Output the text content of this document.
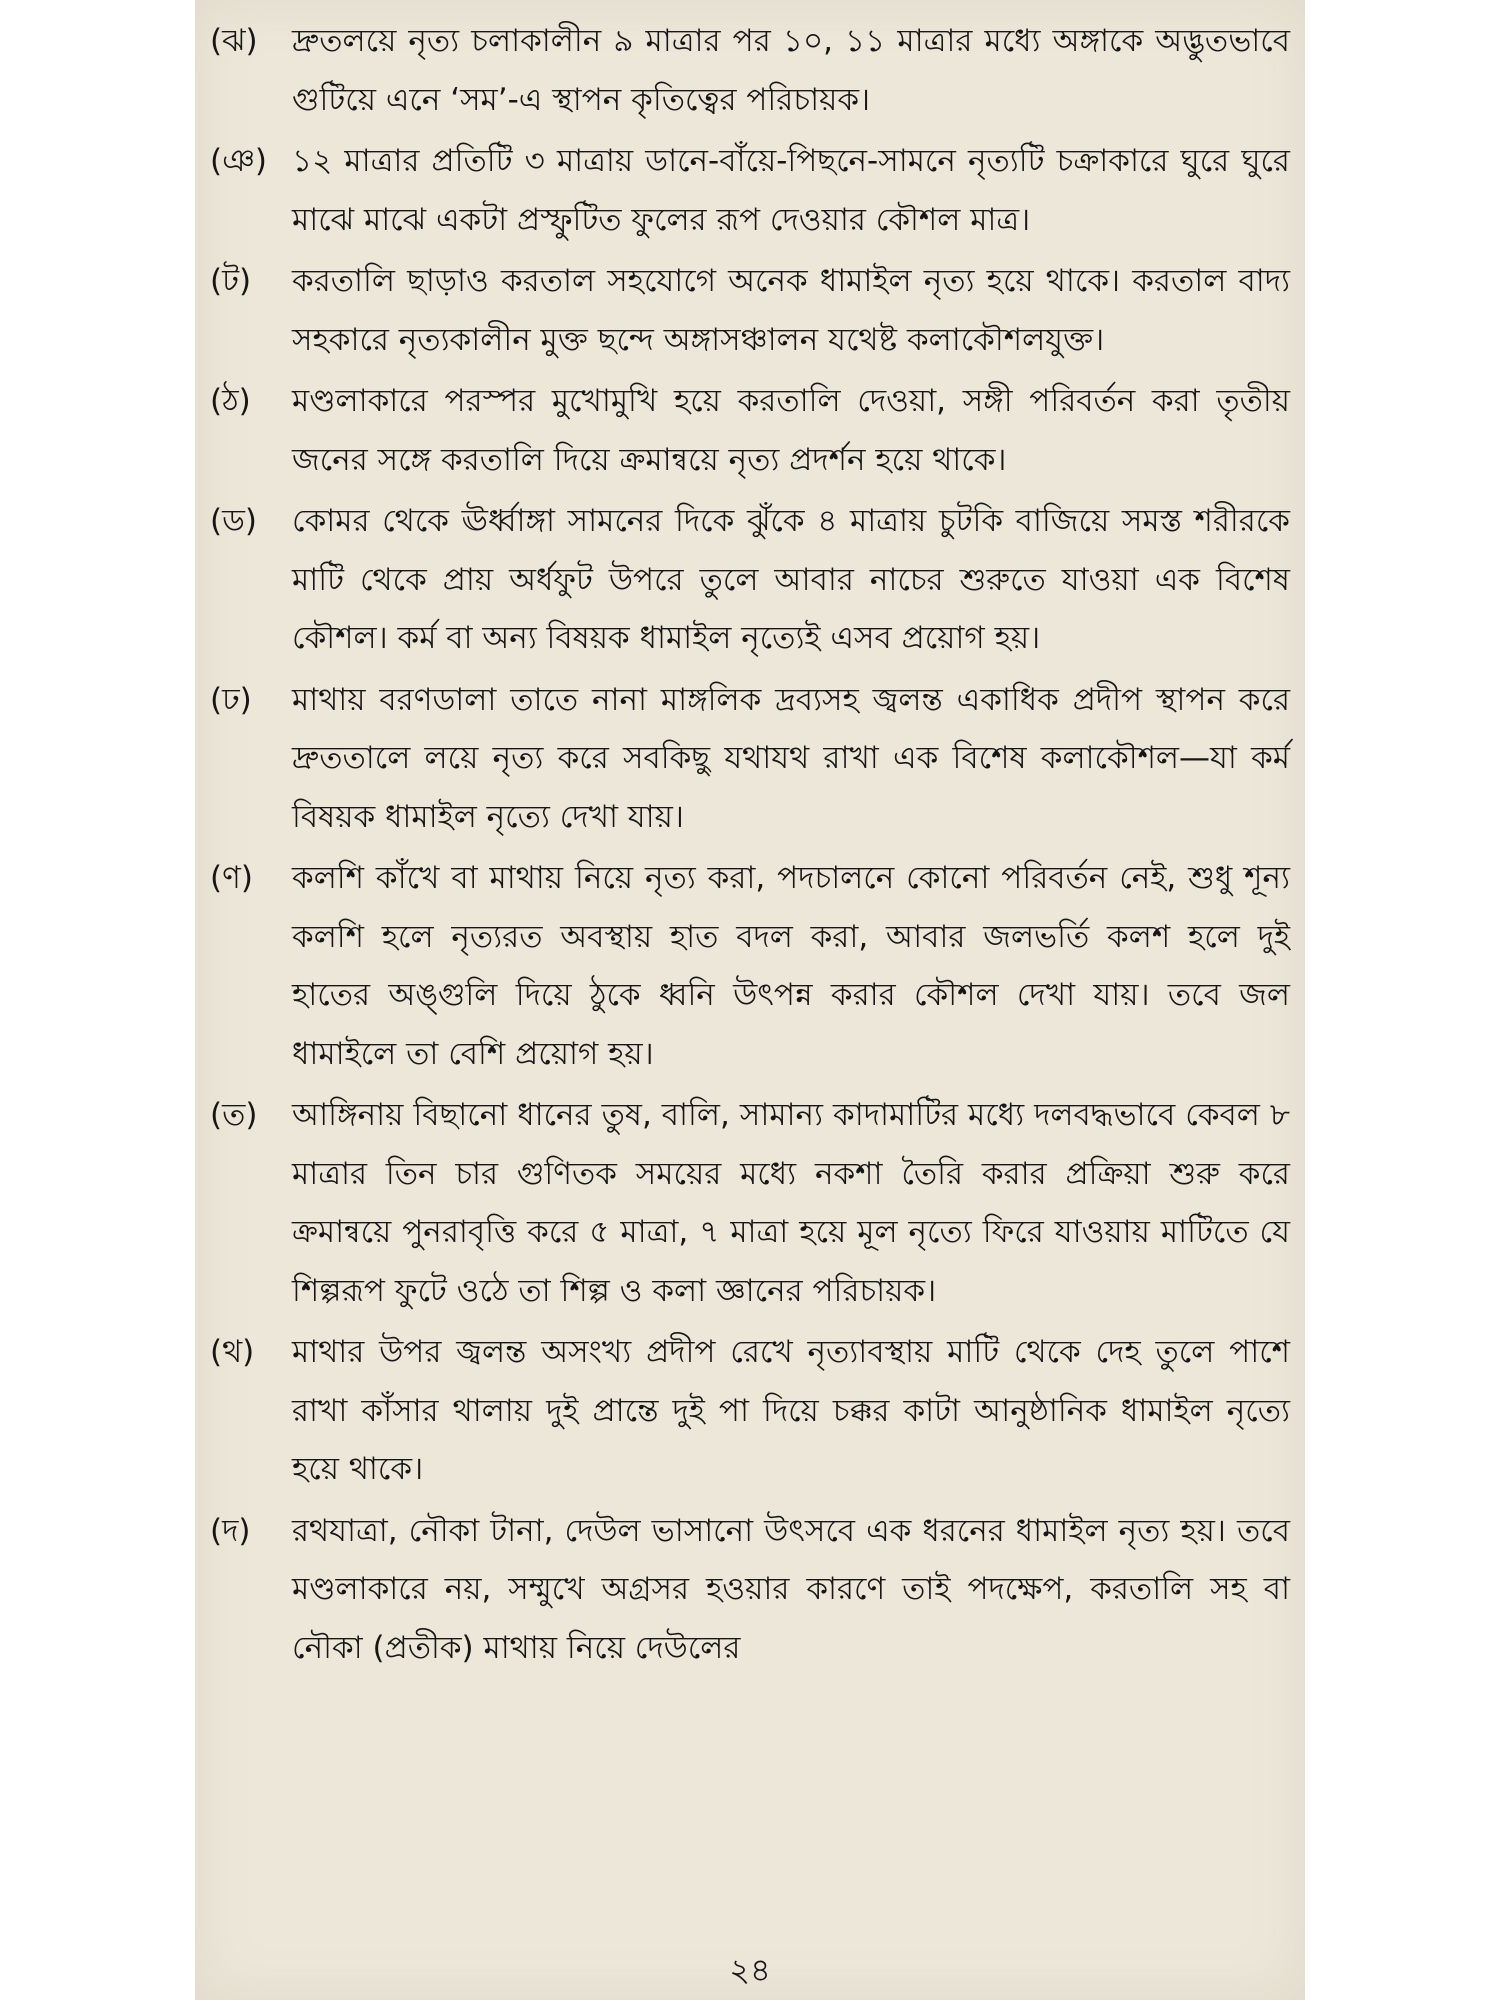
(ঝ)	দ্রুতলয়ে নৃত্য চলাকালীন ৯ মাত্রার পর ১০, ১১ মাত্রার মধ্যে অঙ্গাকে অদ্ভুতভাবে গুটিয়ে এনে ‘সম’-এ স্থাপন কৃতিত্বের পরিচায়ক।
(ঞ) ১২ মাত্রার প্রতিটি ৩ মাত্রায় ডানে-বাঁয়ে-পিছনে-সামনে নৃত্যটি চক্রাকারে ঘুরে ঘুরে মাঝে মাঝে একটা প্রস্ফুটিত ফুলের রূপ দেওয়ার কৌশল মাত্র।
(ট)	করতালি ছাড়াও করতাল সহযোগে অনেক ধামাইল নৃত্য হয়ে থাকে। করতাল বাদ্য সহকারে নৃত্যকালীন মুক্ত ছন্দে অঙ্গাসঞ্চালন যথেষ্ট কলাকৌশলযুক্ত।
(ঠ)	মণ্ডলাকারে পরস্পর মুখোমুখি হয়ে করতালি দেওয়া, সঙ্গী পরিবর্তন করা তৃতীয় জনের সঙ্গে করতালি দিয়ে ক্রমান্বয়ে নৃত্য প্রদর্শন হয়ে থাকে।
(ড)	কোমর থেকে ঊর্ধ্বাঙ্গা সামনের দিকে ঝুঁকে ৪ মাত্রায় চুটকি বাজিয়ে সমস্ত শরীরকে মাটি থেকে প্রায় অর্ধফুট উপরে তুলে আবার নাচের শুরুতে যাওয়া এক বিশেষ কৌশল। কর্ম বা অন্য বিষয়ক ধামাইল নৃত্যেই এসব প্রয়োগ হয়।
(ঢ)	মাথায় বরণডালা তাতে নানা মাঙ্গলিক দ্রব্যসহ জ্বলন্ত একাধিক প্রদীপ স্থাপন করে দ্রুততালে লয়ে নৃত্য করে সবকিছু যথাযথ রাখা এক বিশেষ কলাকৌশল—যা কর্ম বিষয়ক ধামাইল নৃত্যে দেখা যায়।
(ণ)	কলশি কাঁখে বা মাথায় নিয়ে নৃত্য করা, পদচালনে কোনো পরিবর্তন নেই, শুধু শূন্য কলশি হলে নৃত্যরত অবস্থায় হাত বদল করা, আবার জলভর্তি কলশ হলে দুই হাতের অঙ্গুলি দিয়ে ঠুকে ধ্বনি উৎপন্ন করার কৌশল দেখা যায়। তবে জল ধামাইলে তা বেশি প্রয়োগ হয়।
(ত)	আঙ্গিনায় বিছানো ধানের তুষ, বালি, সামান্য কাদামাটির মধ্যে দলবদ্ধভাবে কেবল ৮ মাত্রার তিন চার গুণিতক সময়ের মধ্যে নকশা তৈরি করার প্রক্রিয়া শুরু করে ক্রমান্বয়ে পুনরাবৃত্তি করে ৫ মাত্রা, ৭ মাত্রা হয়ে মূল নৃত্যে ফিরে যাওয়ায় মাটিতে যে শিল্পরূপ ফুটে ওঠে তা শিল্প ও কলা জ্ঞানের পরিচায়ক।
(থ)	মাথার উপর জ্বলন্ত অসংখ্য প্রদীপ রেখে নৃত্যাবস্থায় মাটি থেকে দেহ তুলে পাশে রাখা কাঁসার থালায় দুই প্রান্তে দুই পা দিয়ে চক্কর কাটা আনুষ্ঠানিক ধামাইল নৃত্যে হয়ে থাকে।
(দ)	রথযাত্রা, নৌকা টানা, দেউল ভাসানো উৎসবে এক ধরনের ধামাইল নৃত্য হয়। তবে মণ্ডলাকারে নয়, সম্মুখে অগ্রসর হওয়ার কারণে তাই পদক্ষেপ, করতালি সহ বা নৌকা (প্রতীক) মাথায় নিয়ে দেউলের
২৪
